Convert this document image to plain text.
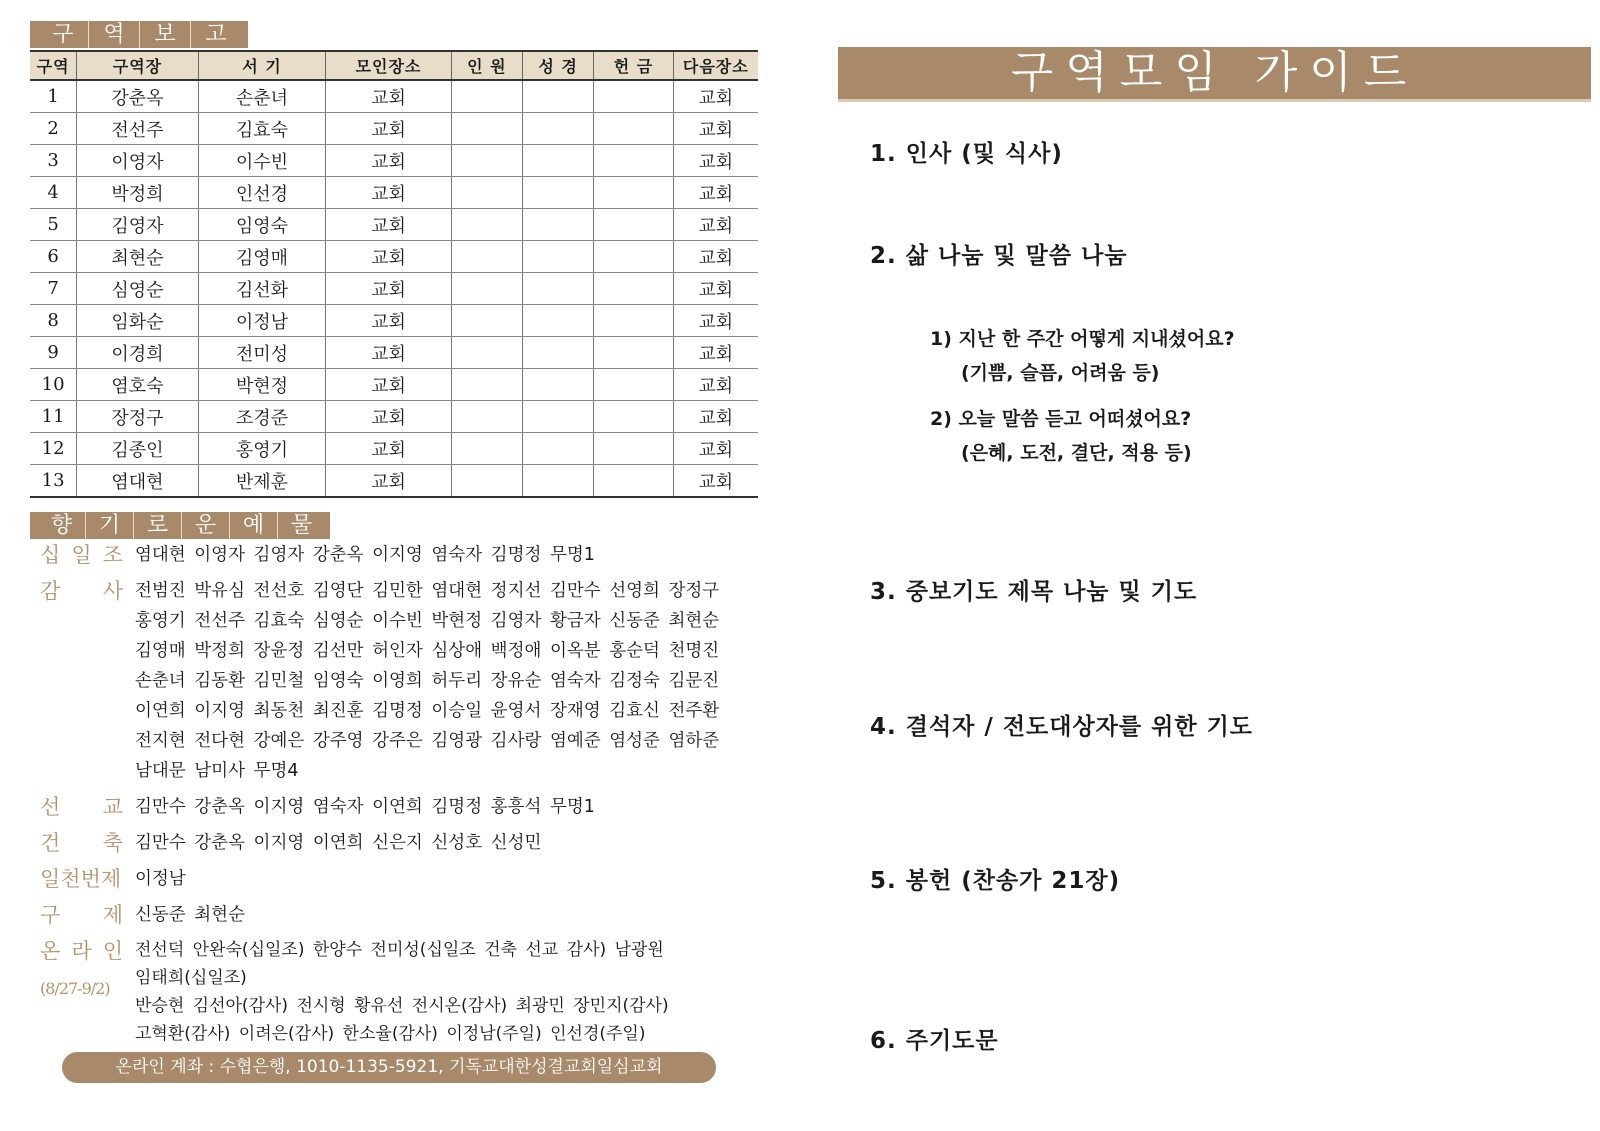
구	역	보	고
구역	구역장	서 기	모인장소	인 원	성 경	헌 금	다음장소
1	강춘옥	손춘녀	교회				교회
2	전선주	김효숙	교회				교회
3	이영자	이수빈	교회				교회
4	박정희	인선경	교회				교회
5	김영자	임영숙	교회				교회
6	최현순	김영매	교회				교회
7	심영순	김선화	교회				교회
8	임화순	이정남	교회				교회
9	이경희	전미성	교회				교회
10	염호숙	박현정	교회				교회
11	장정구	조경준	교회				교회
12	김종인	홍영기	교회				교회
13	염대현	반제훈	교회				교회
향	기	로	운	예	물
십 일 조 염대현 이영자 김영자 강춘옥 이지영 염숙자 김명정 무명1
감 사 전범진 박유심 전선호 김영단 김민한 염대현 정지선 김만수 선영희 장정구
홍영기 전선주 김효숙 심영순 이수빈 박현정 김영자 황금자 신동준 최현순
김영매 박정희 장윤정 김선만 허인자 심상애 백정애 이옥분 홍순덕 천명진
손춘녀 김동환 김민철 임영숙 이영희 허두리 장유순 염숙자 김정숙 김문진
이연희 이지영 최동천 최진훈 김명정 이승일 윤영서 장재영 김효신 전주환
전지현 전다현 강예은 강주영 강주은 김영광 김사랑 염예준 염성준 염하준
남대문 남미사 무명4
선 교 김만수 강춘옥 이지영 염숙자 이연희 김명정 홍흥석 무명1
건 축 김만수 강춘옥 이지영 이연희 신은지 신성호 신성민
일천번제 이정남
구 제 신동준 최현순
온 라 인
(8/27-9/2)
전선덕 안완숙(십일조) 한양수 전미성(십일조 건축 선교 감사) 남광원
임태희(십일조)
반승현 김선아(감사) 전시형 황유선 전시온(감사) 최광민 장민지(감사)
고혁환(감사) 이려은(감사) 한소율(감사) 이정남(주일) 인선경(주일)
온라인 계좌 : 수협은행, 1010-1135-5921, 기독교대한성결교회일심교회
구역모임 가이드
1. 인사 (및 식사)
2. 삶 나눔 및 말씀 나눔
1) 지난 한 주간 어떻게 지내셨어요?
(기쁨, 슬픔, 어려움 등)
2) 오늘 말씀 듣고 어떠셨어요?
(은혜, 도전, 결단, 적용 등)
3. 중보기도 제목 나눔 및 기도
4. 결석자 / 전도대상자를 위한 기도
5. 봉헌 (찬송가 21장)
6. 주기도문
